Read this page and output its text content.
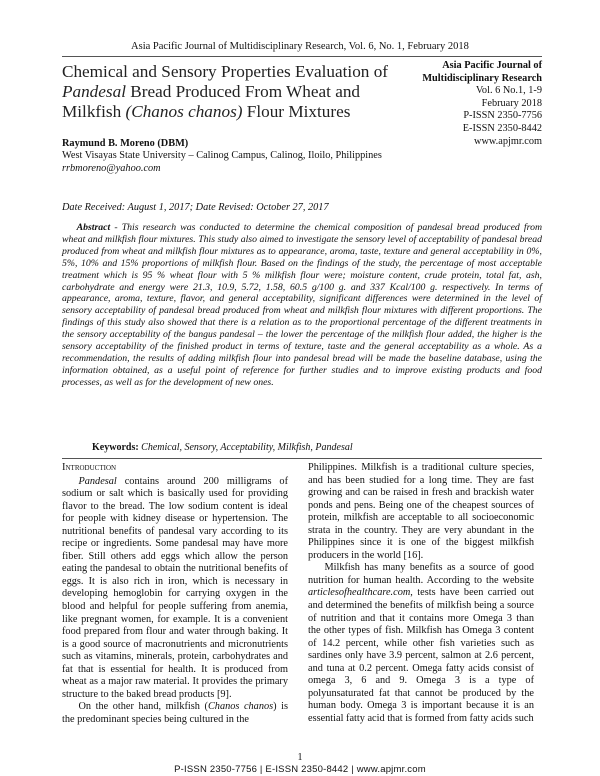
Asia Pacific Journal of Multidisciplinary Research, Vol. 6, No. 1, February 2018
Chemical and Sensory Properties Evaluation of Pandesal Bread Produced From Wheat and Milkfish (Chanos chanos) Flour Mixtures
Asia Pacific Journal of Multidisciplinary Research
Vol. 6 No.1, 1-9
February 2018
P-ISSN 2350-7756
E-ISSN 2350-8442
www.apjmr.com
Raymund B. Moreno (DBM)
West Visayas State University – Calinog Campus, Calinog, Iloilo, Philippines
rrbmoreno@yahoo.com
Date Received: August 1, 2017; Date Revised: October 27, 2017

Abstract - This research was conducted to determine the chemical composition of pandesal bread produced from wheat and milkfish flour mixtures. This study also aimed to investigate the sensory level of acceptability of pandesal bread produced from wheat and milkfish flour mixtures as to appearance, aroma, taste, texture and general acceptability in 0%, 5%, 10% and 15% proportions of milkfish flour. Based on the findings of the study, the percentage of most acceptable treatment which is 95 % wheat flour with 5 % milkfish flour were; moisture content, crude protein, total fat, ash, carbohydrate and energy were 21.3, 10.9, 5.72, 1.58, 60.5 g/100 g. and 337 Kcal/100 g. respectively. In terms of appearance, aroma, texture, flavor, and general acceptability, significant differences were determined in the level of sensory acceptability of pandesal bread produced from wheat and milkfish flour mixtures with different proportions. The findings of this study also showed that there is a relation as to the proportional percentage of the different treatments in the sensory acceptability of the bangus pandesal – the lower the percentage of the milkfish flour added, the higher is the sensory acceptability of the finished product in terms of texture, taste and the general acceptability as a whole. As a recommendation, the results of adding milkfish flour into pandesal bread will be made the baseline database, using the information obtained, as a useful point of reference for further studies and to improve existing products and food processes, as well as for the development of new ones.

Keywords: Chemical, Sensory, Acceptability, Milkfish, Pandesal
Introduction

Pandesal contains around 200 milligrams of sodium or salt which is basically used for providing flavor to the bread. The low sodium content is ideal for people with kidney disease or hypertension. The nutritional benefits of pandesal vary according to its recipe or ingredients. Some pandesal may have more fiber. Still others add eggs which allow the person eating the pandesal to obtain the nutritional benefits of eggs. It is also rich in iron, which is necessary in developing hemoglobin for carrying oxygen in the blood and helpful for people suffering from anemia, like pregnant women, for example. It is a convenient food prepared from flour and water through baking. It is a good source of macronutrients and micronutrients such as vitamins, minerals, protein, carbohydrates and fat that is essential for health. It is produced from wheat as a major raw material. It provides the primary structure to the baked bread products [9].

On the other hand, milkfish (Chanos chanos) is the predominant species being cultured in the

Philippines. Milkfish is a traditional culture species, and has been studied for a long time. They are fast growing and can be raised in fresh and brackish water ponds and pens. Being one of the cheapest sources of protein, milkfish are acceptable to all socioeconomic strata in the country. They are very abundant in the Philippines since it is one of the biggest milkfish producers in the world [16].

Milkfish has many benefits as a source of good nutrition for human health. According to the website articlesofhealthcare.com, tests have been carried out and determined the benefits of milkfish being a source of nutrition and that it contains more Omega 3 than the other types of fish. Milkfish has Omega 3 content of 14.2 percent, while other fish varieties such as sardines only have 3.9 percent, salmon at 2.6 percent, and tuna at 0.2 percent. Omega fatty acids consist of omega 3, 6 and 9. Omega 3 is a type of polyunsaturated fat that cannot be produced by the human body. Omega 3 is important because it is an essential fatty acid that is formed from fatty acids such

1
P-ISSN 2350-7756 | E-ISSN 2350-8442 | www.apjmr.com
